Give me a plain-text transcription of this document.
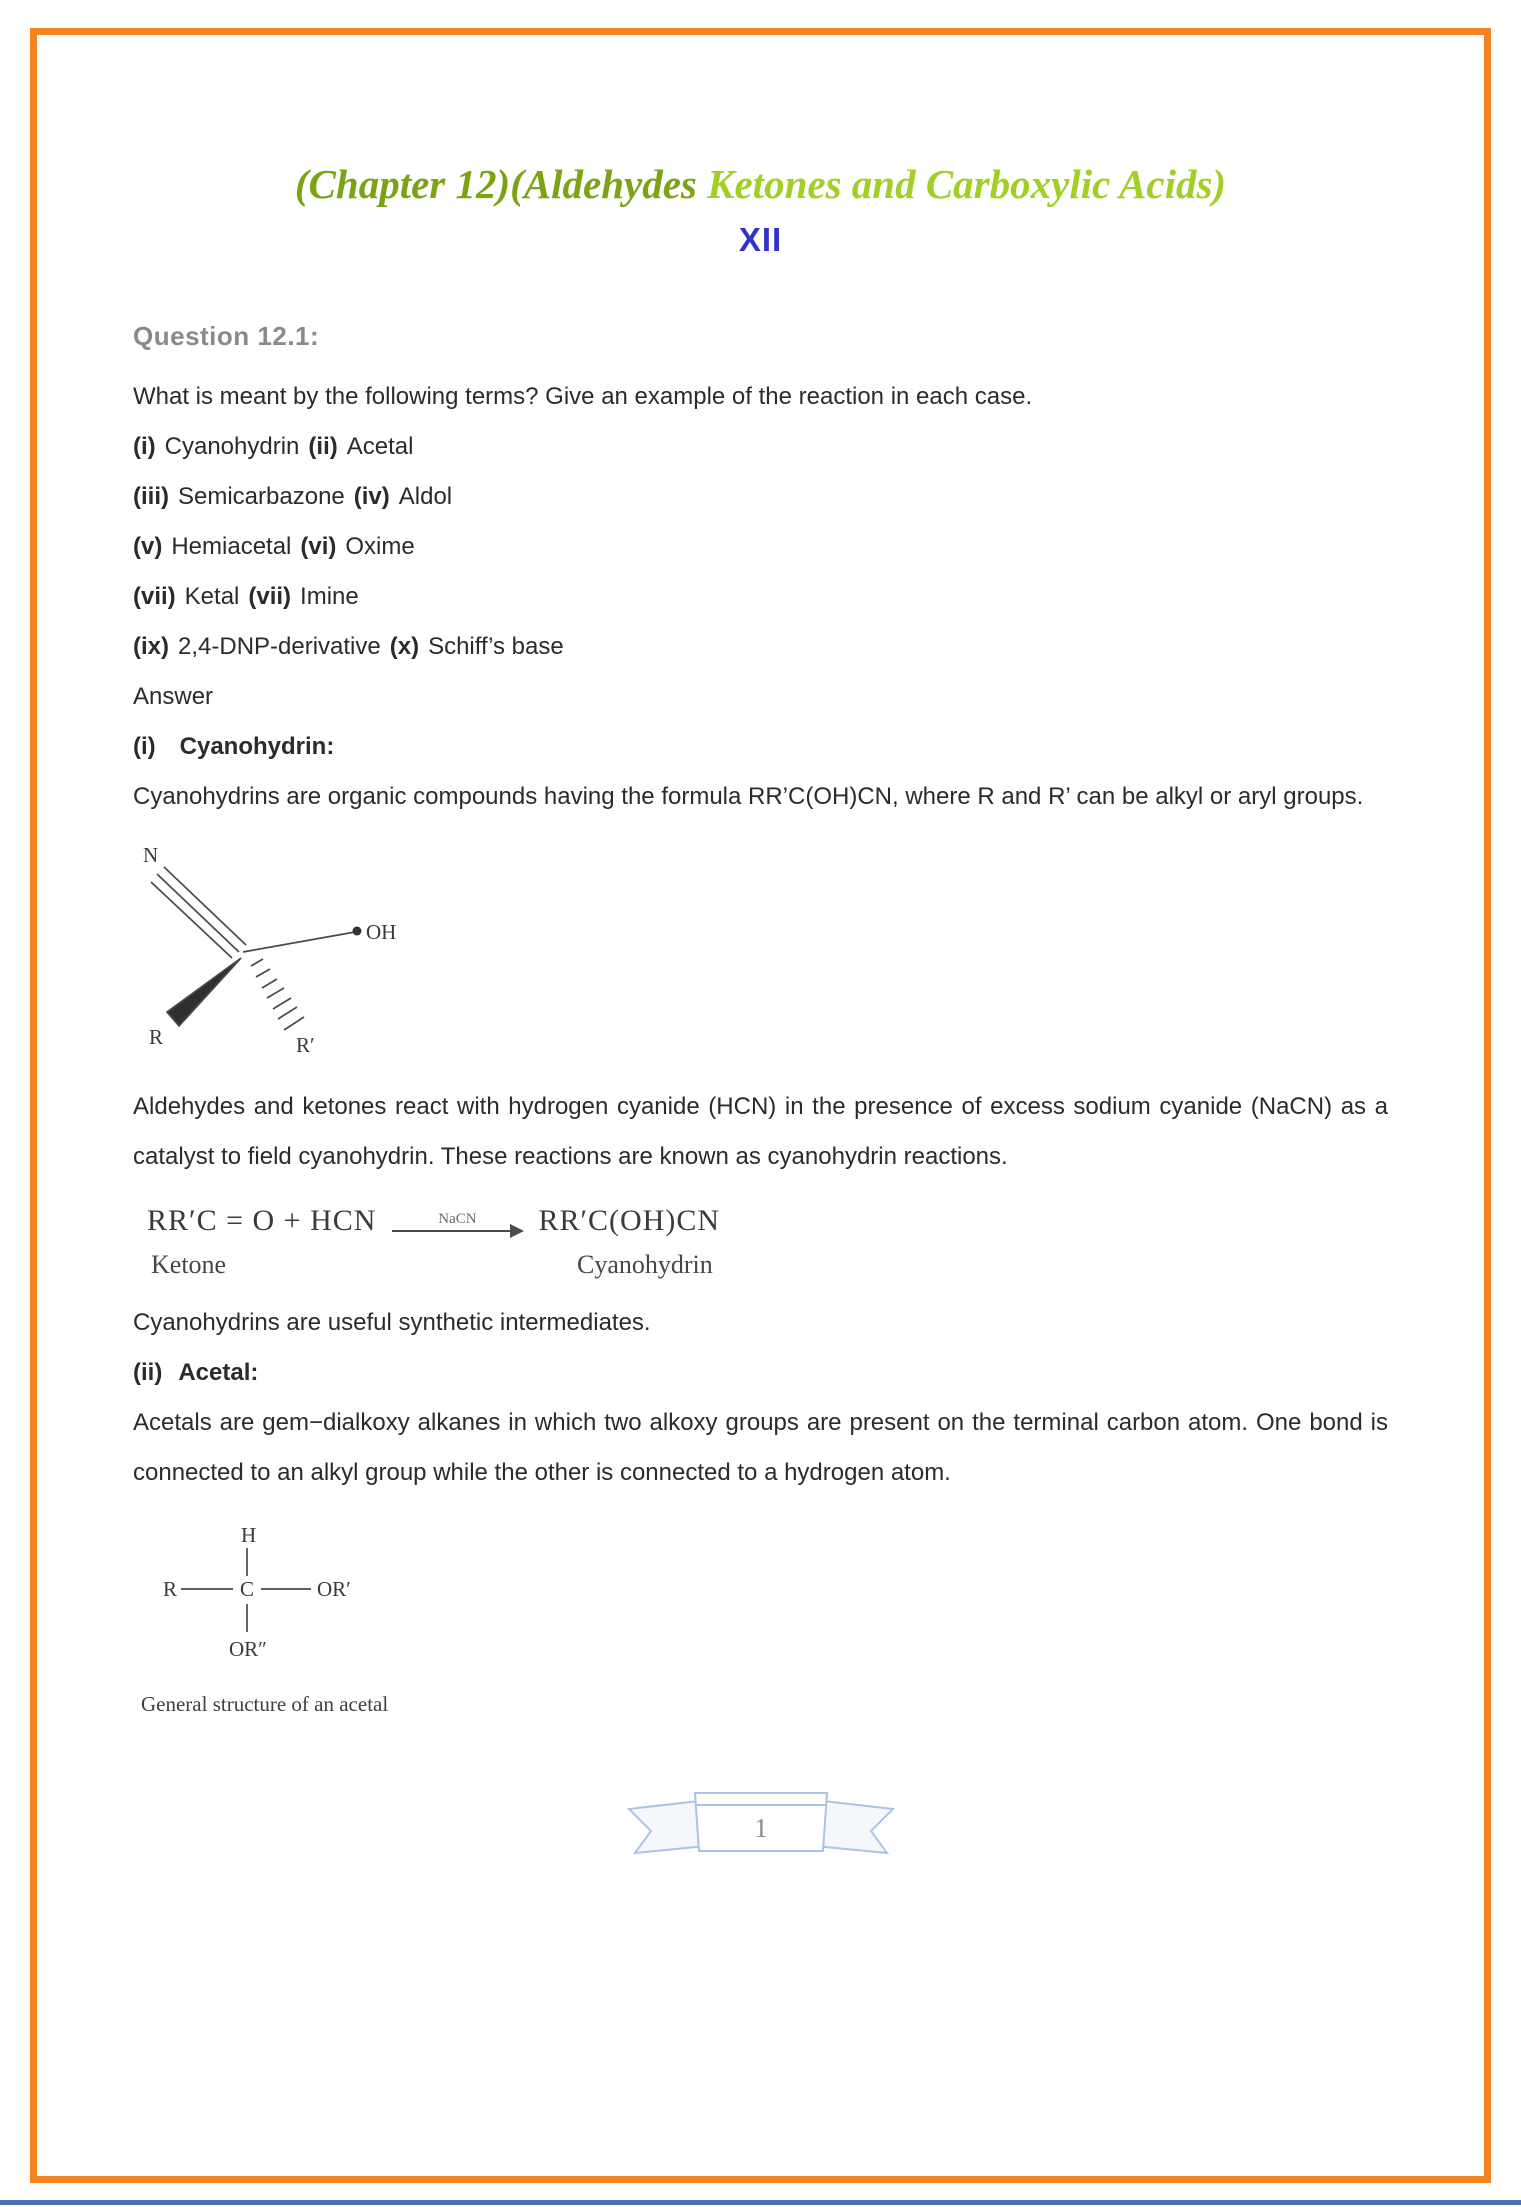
(Chapter 12)(Aldehydes Ketones and Carboxylic Acids)
XII
Question 12.1:
What is meant by the following terms? Give an example of the reaction in each case.
(i) Cyanohydrin (ii) Acetal
(iii) Semicarbazone (iv) Aldol
(v) Hemiacetal (vi) Oxime
(vii) Ketal (vii) Imine
(ix) 2,4-DNP-derivative (x) Schiff’s base
Answer
(i) Cyanohydrin:
Cyanohydrins are organic compounds having the formula RR’C(OH)CN, where R and R’ can be alkyl or aryl groups.
N
OH
R	R′
Aldehydes and ketones react with hydrogen cyanide (HCN) in the presence of excess sodium cyanide (NaCN) as a catalyst to field cyanohydrin. These reactions are known as cyanohydrin reactions.
RR′C = O + HCN	NaCN RR′C(OH)CN
Ketone	Cyanohydrin
Cyanohydrins are useful synthetic intermediates.
(ii) Acetal:
Acetals are gem−dialkoxy alkanes in which two alkoxy groups are present on the terminal carbon atom. One bond is connected to an alkyl group while the other is connected to a hydrogen atom.
H
C
R	OR′
OR″
General structure of an acetal
1
